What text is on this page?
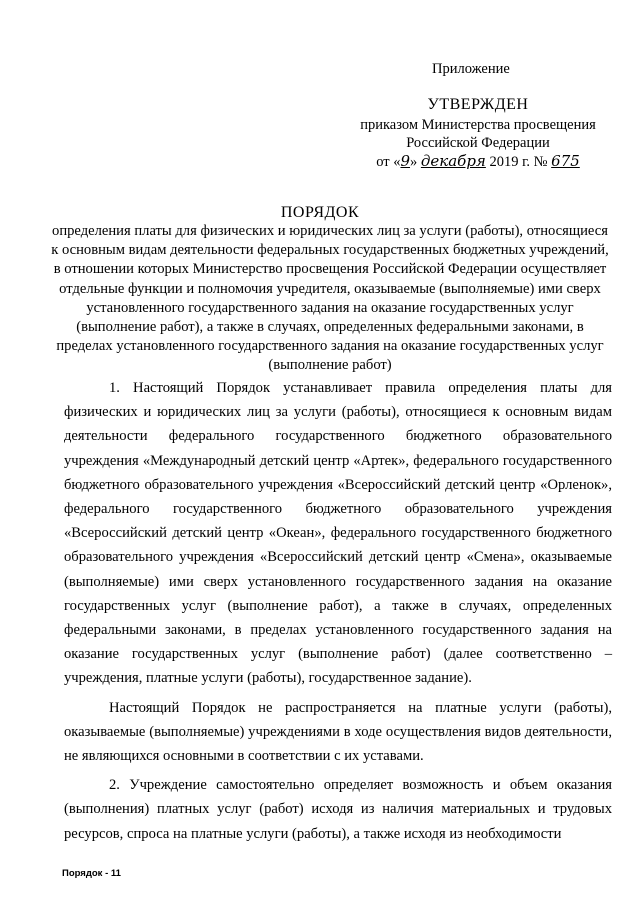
Приложение
УТВЕРЖДЕН
приказом Министерства просвещения
Российской Федерации
от «9» декабря 2019 г. № 675
ПОРЯДОК
определения платы для физических и юридических лиц за услуги (работы), относящиеся к основным видам деятельности федеральных государственных бюджетных учреждений, в отношении которых Министерство просвещения Российской Федерации осуществляет отдельные функции и полномочия учредителя, оказываемые (выполняемые) ими сверх установленного государственного задания на оказание государственных услуг (выполнение работ), а также в случаях, определенных федеральными законами, в пределах установленного государственного задания на оказание государственных услуг (выполнение работ)

1. Настоящий Порядок устанавливает правила определения платы для физических и юридических лиц за услуги (работы), относящиеся к основным видам деятельности федерального государственного бюджетного образовательного учреждения «Международный детский центр «Артек», федерального государственного бюджетного образовательного учреждения «Всероссийский детский центр «Орленок», федерального государственного бюджетного образовательного учреждения «Всероссийский детский центр «Океан», федерального государственного бюджетного образовательного учреждения «Всероссийский детский центр «Смена», оказываемые (выполняемые) ими сверх установленного государственного задания на оказание государственных услуг (выполнение работ), а также в случаях, определенных федеральными законами, в пределах установленного государственного задания на оказание государственных услуг (выполнение работ) (далее соответственно – учреждения, платные услуги (работы), государственное задание).

Настоящий Порядок не распространяется на платные услуги (работы), оказываемые (выполняемые) учреждениями в ходе осуществления видов деятельности, не являющихся основными в соответствии с их уставами.

2. Учреждение самостоятельно определяет возможность и объем оказания (выполнения) платных услуг (работ) исходя из наличия материальных и трудовых ресурсов, спроса на платные услуги (работы), а также исходя из необходимости

Порядок - 11
